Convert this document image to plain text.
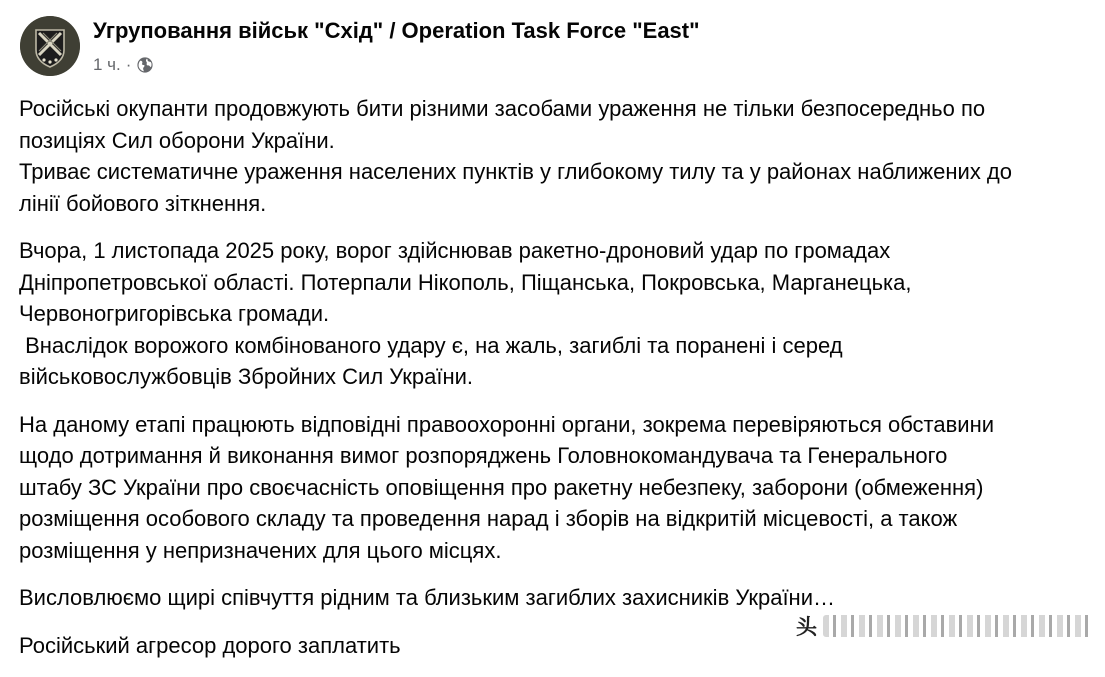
Угруповання військ "Схід" / Operation Task Force "East"
1 ч. ·

Російські окупанти продовжують бити різними засобами ураження не тільки безпосередньо по
позиціях Сил оборони України.
Триває систематичне ураження населених пунктів у глибокому тилу та у районах наближених до
лінії бойового зіткнення.

Вчора, 1 листопада 2025 року, ворог здійснював ракетно-дроновий удар по громадах
Дніпропетровської області. Потерпали Нікополь, Піщанська, Покровська, Марганецька,
Червоногригорівська громади.
Внаслідок ворожого комбінованого удару є, на жаль, загиблі та поранені і серед
військовослужбовців Збройних Сил України.

На даному етапі працюють відповідні правоохоронні органи, зокрема перевіряються обставини
щодо дотримання й виконання вимог розпоряджень Головнокомандувача та Генерального
штабу ЗС України про своєчасність оповіщення про ракетну небезпеку, заборони (обмеження)
розміщення особового складу та проведення нарад і зборів на відкритій місцевості, а також
розміщення у непризначених для цього місцях.

Висловлюємо щирі співчуття рідним та близьким загиблих захисників України…

Російський агресор дорого заплатить

头
